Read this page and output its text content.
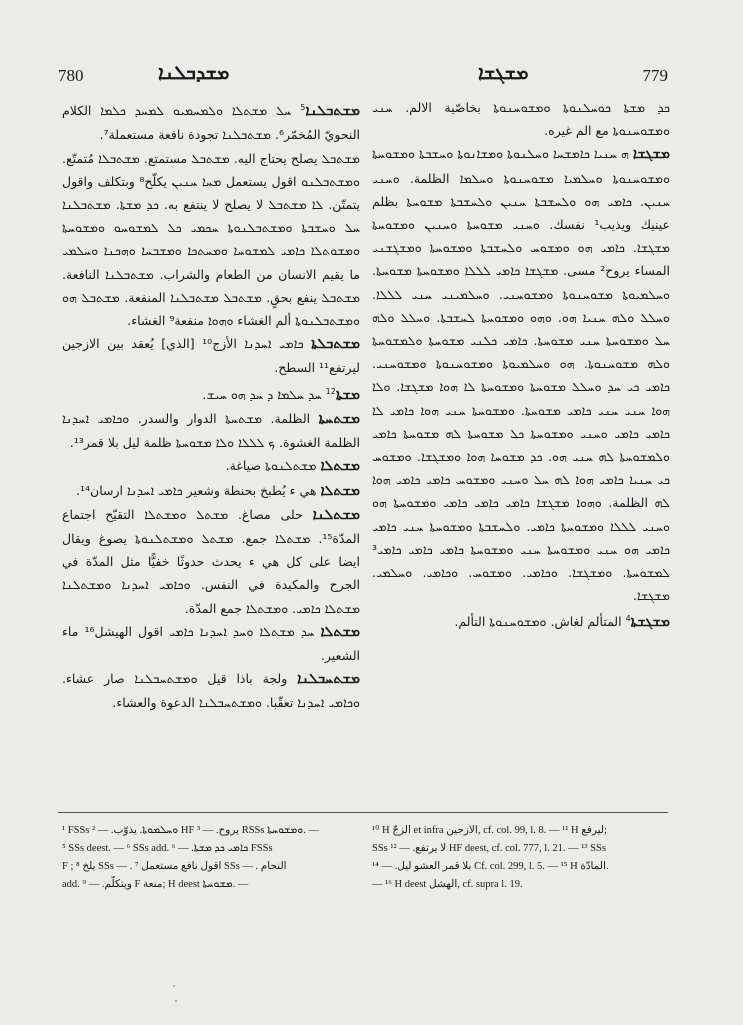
780	ܡܫܕܒܠܢܐ	ܡܫܓܫܐ	779

ܡܫܬܒܠܢܐ$^5$ ܚܠ ܡܫܬܠܐ ܘܠܡܚܡܝܘ ܠܡܚܕ ܟܠܡܐ الكلام النحويّ المُخمّر⁶. ܡܫܬܒܠܢܐ تجودة نافعة مستعملة⁷.

ܡܫܬܒܠ يصلح يحتاج اليه. ܡܫܬܒܠ مستمتع. ܡܫܬܒܠܐ مُتمتّع. ܘܡܫܬܒܠܢܘ اقول يستعمل ܡܚܐ ܚܢܝܢ يكلّح⁸ وبتكلف واقول يتمتّن. ܠܐ ܡܫܬܒܠ لا يصلح لا ينتفع به. ܟܕ ܡܫܬܐ. ܡܫܬܒܠܢܐ ܚܠ ܘܚܫܒܬܐ ܘܡܫܬܒܠܢܘܬܐ ܚܟܡܝ ܟܠ ܠܡܫܘܚܘ ܘܡܫܘܚܬܐ ܘܡܫܘܬܠܐ ܟܐܡܝ ܠܡܫܘܚܐ ܘܡܚܬܟܐ ܘܡܫܒܚܐ ܘܗܟܢܐ ܘܚܠܡܝ ما يقيم الانسان من الطعام والشراب. ܡܫܬܒܠܢܐ النافعة. ܡܫܬܒܠ ينفع بحقٍ. ܡܫܬܒܠ ܡܫܬܒܠܢܐ المنفعة. ܡܫܬܒܠ ܗܘ ܘܡܫܬܒܠܢܘܬܐ ألم الغشاء ܘܗܘܐ منفعة⁹ الغشاء.

ܡܫܬܒܠܬܐ ܟܐܡܝ ܐܚܕܢܐ الأزج¹⁰ [الذي] يُعقد بين الازجين ليرتفع¹¹ السطح.

ܡܫܬܐ$^{12}$ ܚܕ ܚܠܡܐ ܕ ܚܕ ܗܘ ܚܝܫ.

ܡܫܬܚܬܐ الظلمة. ܡܫܬܚܬܐ الدوار والسدر. ܘܟܐܡܝ ܐܚܕܢܐ الظلمة الغشوة. ܟ ܠܠܠܐ ܘܠܐ ܡܫܘܚܬܐ ظلمة ليل بلا قمر¹³.

ܡܫܬܠܐ ܡܫܬܠܢܘܬܐ صياغة.

ܡܫܬܠܐ هي ء يُطبخ بحنطة وشعير ܟܐܡܝ ܐܚܕܢܐ ارسان¹⁴.

ܡܫܬܠܢܐ حلى مصاغ. ܡܫܬܠ ܘܡܫܬܠܐ التقيّح اجتماع المدّة¹⁵. ܡܫܬܠܐ جمع. ܡܫܬܠ ܘܡܫܬܠܢܘܬܐ يصوغ ويقال ايضا على كل هي ء يحدث حدوثًا خفيًّا مثل المدّة في الجرح والمكيدة في النفس. ܘܟܐܡܝ ܐܚܕܢܐ ܘܡܫܬܠܢܐ ܡܫܬܠܐ ܟܐܡܝ. ܘܡܫܬܠܐ جمع المدّة.

ܡܫܬܠܐ ܚܕ ܡܫܬܠܐ ܘܚܕ ܐܚܕܢܐ ܟܐܡܝ اقول الهيشل¹⁶ ماء الشعير.

ܡܫܬܚܒܠܢܐ ولجة باذا قيل ܘܡܫܬܚܒܠܢܐ صار عشاء. ܘܟܐܡܝ ܐܚܕܢܐ تعقّبا. ܘܡܫܬܚܒܠܢܐ الدعوة والعشاء.

ܟܕ ܡܫܬܐ ܟܘܚܠܢܘܬܐ ܘܡܫܘܚܢܘܬܐ بخاصّية الالم. ܚܢܝ ܘܡܫܘܚܢܘܬܐ مع الم غيره.

ܡܫܓܫܐ ܗ ܚܢܝܐ ܟܐܡܫܚܐ ܘܚܠܢܘܬܐ ܘܡܫܐܢܘܬܐ ܘܚܫܒܬܐ ܘܡܫܘܚܬܐ ܘܡܫܘܚܢܘܬܐ ܘܚܠܡܝܐ ܡܫܘܚܢܘܬܐ ܘܚܠܡܐ الظلمة. ܘܚܢܝ ܚܢܝܢ. ܟܐܡܝ ܗܘ ܘܠܚܫܒܬܐ ܚܢܝܢ ܘܠܚܫܒܬܐ ܡܫܘܚܬܐ بظلم عينيك ويذيب¹ نفسك. ܘܚܢܝ ܡܫܘܚܬܐ ܘܚܢܝܢ ܘܡܫܘܚܬܐ ܡܫܓܫܐ. ܟܐܡܝ ܗܘ ܘܡܫܘܚ ܘܠܚܫܒܬܐ ܘܡܫܘܚܬܐ ܘܡܫܓܫܢܝ المساء يروح² مسى. ܡܫܓܫܐ ܟܐܡܝ ܠܠܠܐ ܘܡܫܘܚܬܐ ܡܫܘܚܬܐ. ܘܚܠܡܝܘܬܐ ܡܫܘܚܢܘܬܐ ܘܡܫܘܚܢܝ. ܘܚܠܡܝܢܝ ܚܢܝ ܠܠܠܐ. ܘܚܠܠ ܘܠܗ ܚܢܝܐ ܗܘ. ܘܗܘ ܘܡܫܘܚܬܐ ܠܚܫܒܬܐ. ܘܚܠܠ ܘܠܗ ܚܠ ܘܡܫܘܚܬܐ ܚܢܝ ܡܫܘܚܬܐ. ܟܐܡܝ ܟܠܢܝ ܡܫܘܚܬܐ ܘܠܡܫܘܚܬܐ ܘܠܗ ܡܫܘܚܢܘܬܐ. ܗܘ ܘܚܠܡܝܘܬܐ ܘܡܫܘܚܢܘܬܐ ܘܡܫܘܚܢܝ. ܟܐܡܝ ܟܝ ܚܕ ܘܚܠܠ ܡܫܘܚܬܐ ܘܡܫܘܚܬܐ ܠܐ ܗܘܐ ܡܫܓܫܐ. ܘܠܐ ܗܘܐ ܚܢܝ ܚܢܝ ܟܐܡܝ ܡܫܘܚܬܐ. ܘܡܫܘܚܬܐ ܚܢܝ ܗܘܐ ܟܐܡܝ ܠܐ ܟܐܡܝ ܟܐܡܝ ܘܚܢܝ ܘܡܫܘܚܬܐ ܟܠ ܡܫܘܚܬܐ ܠܗ ܡܫܘܚܬܐ ܟܐܡܝ ܘܠܡܫܘܚܬܐ ܠܗ ܚܢܝ ܗܘ. ܟܕ ܡܫܘܚܐ ܗܘܐ ܘܡܫܓܫܐ. ܘܡܫܘܚ ܟܝ ܚܢܝܐ ܟܐܡܝ ܗܘܐ ܠܗ ܚܠ ܘܚܢܝ ܘܡܫܘܚ ܟܐܡܝ ܟܐܡܝ ܗܘܐ ܠܗ الظلمة. ܘܗܘܐ ܡܫܓܫܐ ܟܐܡܝ ܟܐܡܝ ܟܐܡܝ ܘܡܫܘܚܬܐ ܗܘ ܘܚܢܝ ܠܠܠܐ ܘܡܫܘܚܬܐ ܟܐܡܝ. ܘܠܚܫܒܬܐ ܘܡܫܘܚܬܐ ܚܢܝ ܟܐܡܝ ܟܐܡܝ ܗܘ ܚܢܝ ܘܡܫܘܚܬܐ ܚܢܝ ܘܡܫܘܚܬܐ ܟܐܡܝ ܟܐܡܝ ܟܐܡܝ³ ܠܡܫܘܚܬܐ. ܘܡܫܓܫܐ. ܘܟܐܡܝ. ܘܡܫܘܚ. ܘܟܐܡܝ. ܘܚܠܡܝ. ܡܫܓܫܐ.

ܡܫܓܫܬܐ$^4$ المتألم لغاش. ܘܡܫܘܚܢܘܬܐ التألم.

¹ FSSs ܘܚܠܡܘܬܐ. يذوّب. — ² HF يروح. — ³ RSSs ܘܡܫܘܚܬܐ. —
⁵ SSs deest. — ⁶ SSs add. ܟܐܡܝ ܟܕ ܡܫܬܐ. — ⁶ FSSs
F ; يلخ ⁸ SSs — . اقول نافع مستعمل ⁷ SSs — . النحام
add. ويتكلّم. — ⁹ F منعة; H deest ܡܫܘܚܬܐ. —
¹⁰ H الزجّ et infra الازجين, cf. col. 99, l. 8. — ¹¹ H ليرفع;
SSs لا يرتفع. — ¹² HF deest, cf. col. 777, l. 21. — ¹³ SSs
بلا قمر العشو ليل. — ¹⁴ Cf. col. 299, l. 5. — ¹⁵ H المادّة.
— ¹⁶ H deest الهشل, cf. supra l. 19.
